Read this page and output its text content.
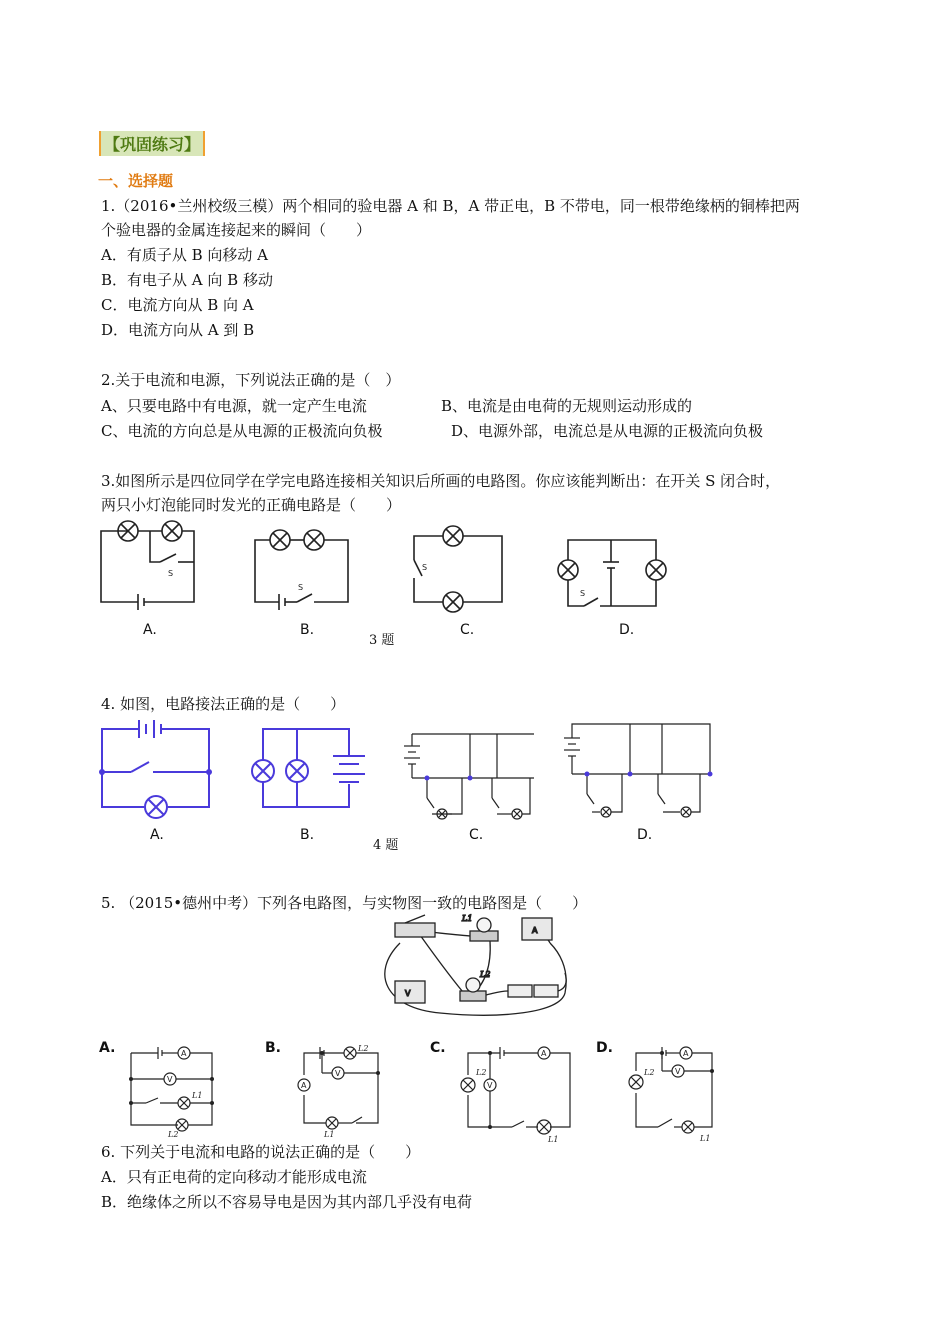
【巩固练习】
一、选择题
1.（2016•兰州校级三模）两个相同的验电器 A 和 B，A 带正电，B 不带电，同一根带绝缘柄的铜棒把两
个验电器的金属连接起来的瞬间（　　）
A．有质子从 B 向移动 A
B．有电子从 A 向 B 移动
C．电流方向从 B 向 A
D．电流方向从 A 到 B
2.关于电流和电源，下列说法正确的是（　）
A、只要电路中有电源，就一定产生电流	B、电流是由电荷的无规则运动形成的
C、电流的方向总是从电源的正极流向负极	D、电源外部，电流总是从电源的正极流向负极
3.如图所示是四位同学在学完电路连接相关知识后所画的电路图。你应该能判断出：在开关 S 闭合时，
两只小灯泡能同时发光的正确电路是（　　）
S
A.
S
B.
3 题
S
C.
S
D.
4. 如图，电路接法正确的是（　　）
A.	B.
4 题
C.	D.
5. （2015•德州中考）下列各电路图，与实物图一致的电路图是（　　）
L1
A
L2
V
A.	A
V
L1
L2
B.	L2
A
V
L1
C.	A
L2
V
L1
D.	A
L2	V
L1
6. 下列关于电流和电路的说法正确的是（　　）
A．只有正电荷的定向移动才能形成电流
B．绝缘体之所以不容易导电是因为其内部几乎没有电荷
